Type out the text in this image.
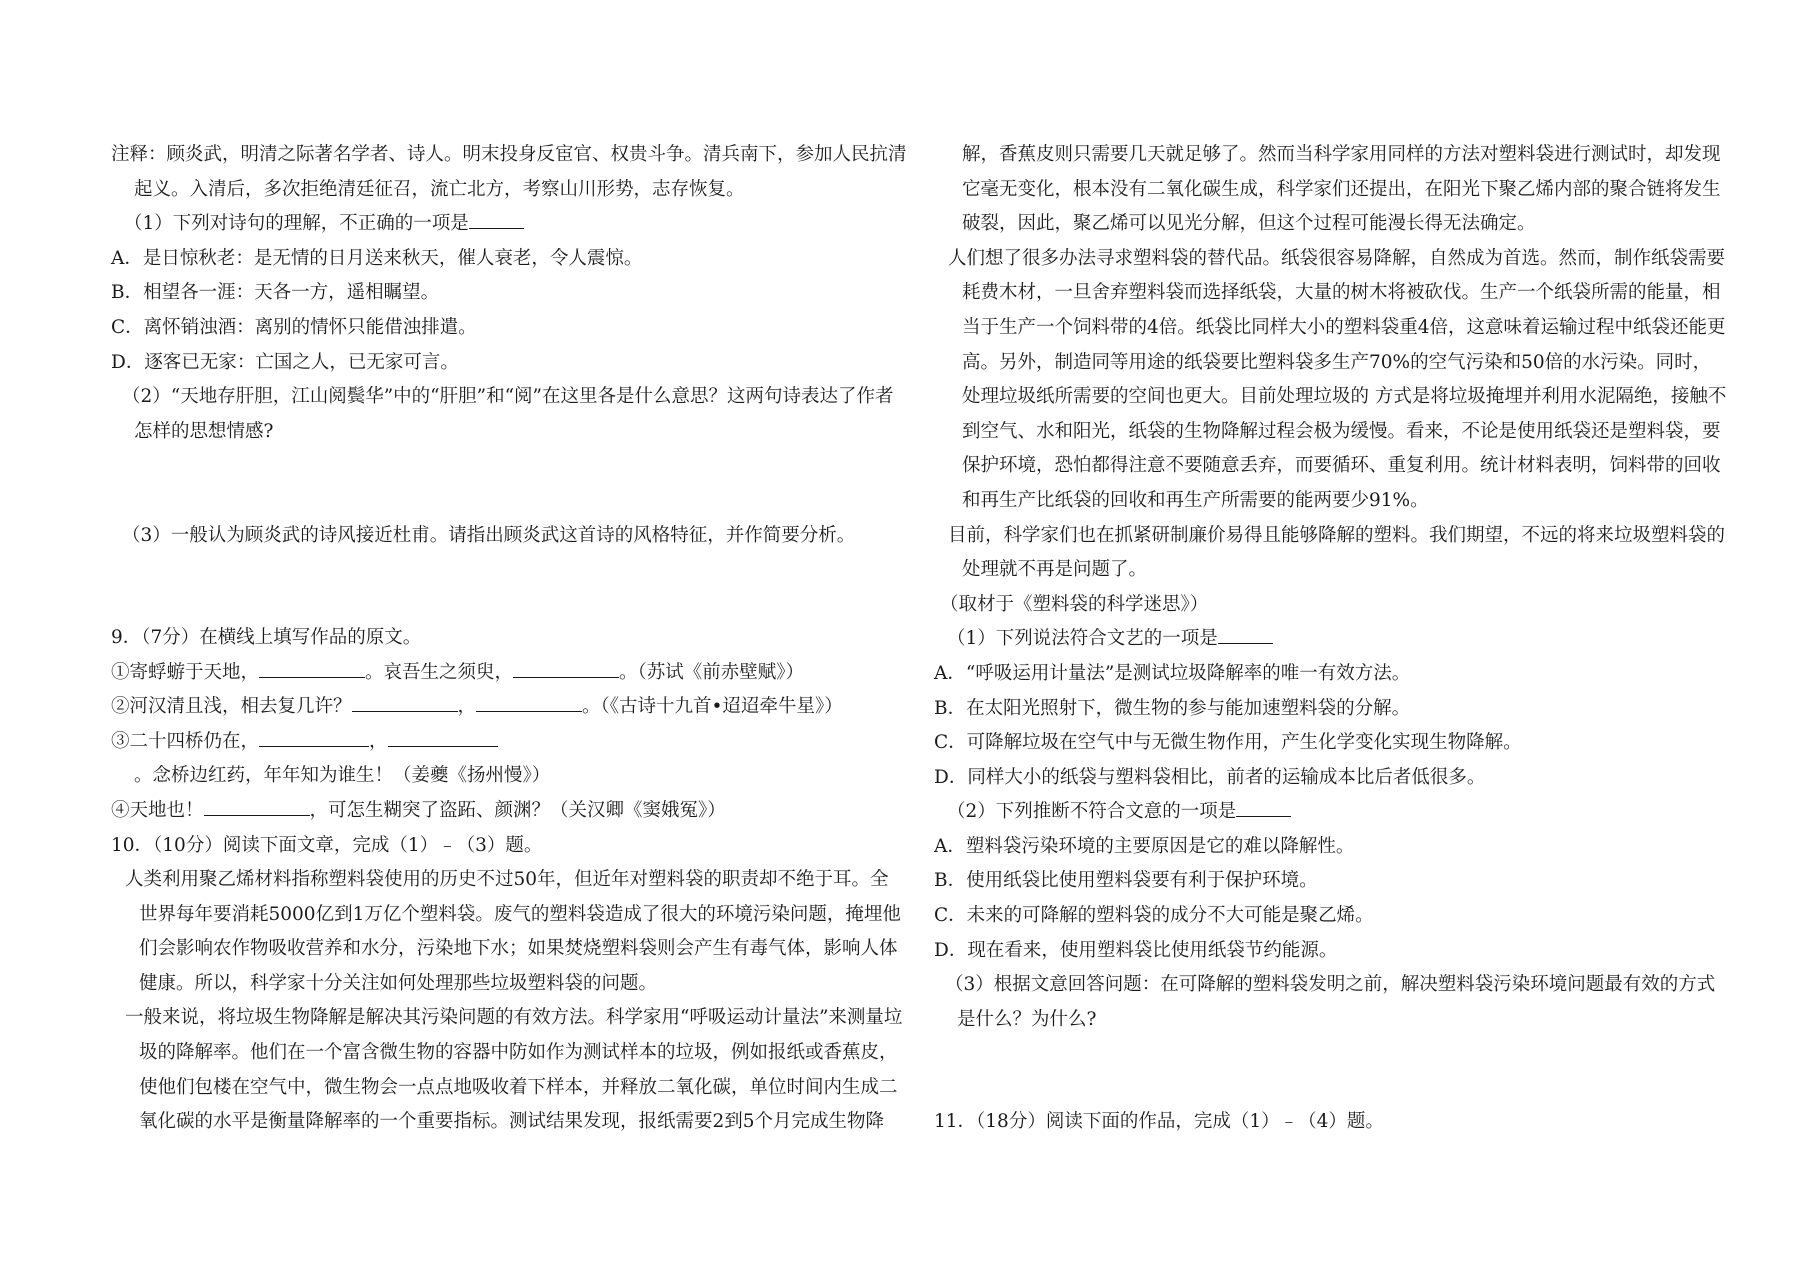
注释：顾炎武，明清之际著名学者、诗人。明末投身反宦官、权贵斗争。清兵南下，参加人民抗清起义。入清后，多次拒绝清廷征召，流亡北方，考察山川形势，志存恢复。

（1）下列对诗句的理解，不正确的一项是

A．是日惊秋老：是无情的日月送来秋天，催人衰老，令人震惊。

B．相望各一涯：天各一方，遥相瞩望。

C．离怀销浊酒：离别的情怀只能借浊排遣。

D．逐客已无家：亡国之人，已无家可言。

（2）“天地存肝胆，江山阅鬓华”中的“肝胆”和“阅”在这里各是什么意思？这两句诗表达了作者怎样的思想情感?

（3）一般认为顾炎武的诗风接近杜甫。请指出顾炎武这首诗的风格特征，并作简要分析。

9．（7分）在横线上填写作品的原文。

①寄蜉蝣于天地，	。哀吾生之须臾，	。（苏试《前赤壁赋》）

②河汉清且浅，相去复几许？	，	。（《古诗十九首•迢迢牵牛星》）

③二十四桥仍在，	，。念桥边红药，年年知为谁生！（姜夔《扬州慢》）

④天地也！	，可怎生糊突了盗跖、颜渊？（关汉卿《窦娥冤》）

10．（10分）阅读下面文章，完成（1）﹣（3）题。

人类利用聚乙烯材料指称塑料袋使用的历史不过50年，但近年对塑料袋的职责却不绝于耳。全世界每年要消耗5000亿到1万亿个塑料袋。废气的塑料袋造成了很大的环境污染问题，掩埋他们会影响农作物吸收营养和水分，污染地下水；如果焚烧塑料袋则会产生有毒气体，影响人体健康。所以，科学家十分关注如何处理那些垃圾塑料袋的问题。

一般来说，将垃圾生物降解是解决其污染问题的有效方法。科学家用“呼吸运动计量法”来测量垃圾的降解率。他们在一个富含微生物的容器中防如作为测试样本的垃圾，例如报纸或香蕉皮，使他们包楼在空气中，微生物会一点点地吸收着下样本，并释放二氧化碳，单位时间内生成二氧化碳的水平是衡量降解率的一个重要指标。测试结果发现，报纸需要2到5个月完成生物降

解，香蕉皮则只需要几天就足够了。然而当科学家用同样的方法对塑料袋进行测试时，却发现它毫无变化，根本没有二氧化碳生成，科学家们还提出，在阳光下聚乙烯内部的聚合链将发生破裂，因此，聚乙烯可以见光分解，但这个过程可能漫长得无法确定。

人们想了很多办法寻求塑料袋的替代品。纸袋很容易降解，自然成为首选。然而，制作纸袋需要耗费木材，一旦舍弃塑料袋而选择纸袋，大量的树木将被砍伐。生产一个纸袋所需的能量，相当于生产一个饲料带的4倍。纸袋比同样大小的塑料袋重4倍，这意味着运输过程中纸袋还能更高。另外，制造同等用途的纸袋要比塑料袋多生产70%的空气污染和50倍的水污染。同时，处理垃圾纸所需要的空间也更大。目前处理垃圾的 方式是将垃圾掩埋并利用水泥隔绝，接触不到空气、水和阳光，纸袋的生物降解过程会极为缓慢。看来，不论是使用纸袋还是塑料袋，要保护环境，恐怕都得注意不要随意丢弃，而要循环、重复利用。统计材料表明，饲料带的回收和再生产比纸袋的回收和再生产所需要的能两要少91%。

目前，科学家们也在抓紧研制廉价易得且能够降解的塑料。我们期望，不远的将来垃圾塑料袋的处理就不再是问题了。

（取材于《塑料袋的科学迷思》）

（1）下列说法符合文艺的一项是

A．“呼吸运用计量法”是测试垃圾降解率的唯一有效方法。

B．在太阳光照射下，微生物的参与能加速塑料袋的分解。

C．可降解垃圾在空气中与无微生物作用，产生化学变化实现生物降解。

D．同样大小的纸袋与塑料袋相比，前者的运输成本比后者低很多。

（2）下列推断不符合文意的一项是

A．塑料袋污染环境的主要原因是它的难以降解性。

B．使用纸袋比使用塑料袋要有利于保护环境。

C．未来的可降解的塑料袋的成分不大可能是聚乙烯。

D．现在看来，使用塑料袋比使用纸袋节约能源。

（3）根据文意回答问题：在可降解的塑料袋发明之前，解决塑料袋污染环境问题最有效的方式是什么？为什么?

11．（18分）阅读下面的作品，完成（1）﹣（4）题。
